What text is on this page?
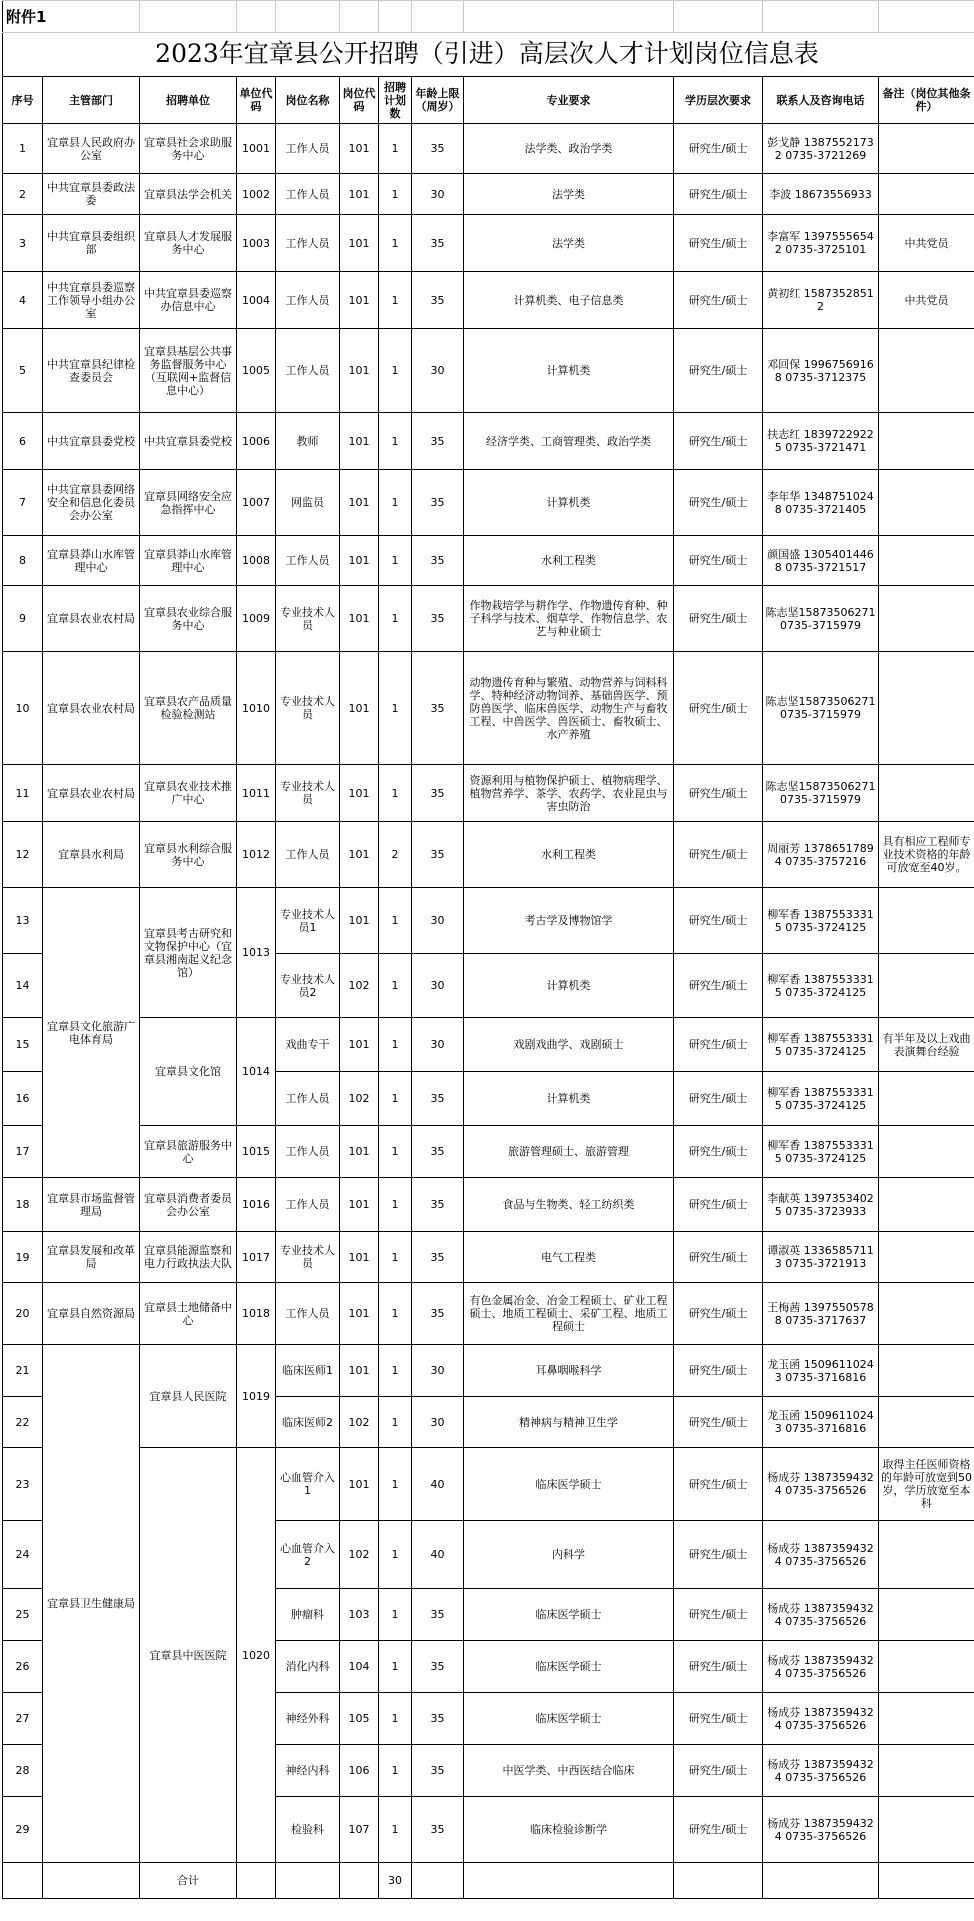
序号	主管部门	招聘单位	单位代码	岗位名称	岗位代码	招聘计划数	年龄上限（周岁）	专业要求	学历层次要求	联系人及咨询电话	备注（岗位其他条件）
1	宜章县人民政府办公室	宜章县社会求助服务中心	1001	工作人员	101	1	35	法学类、政治学类	研究生/硕士	彭戈静 13875521732 0735-3721269	
2	中共宜章县委政法委	宜章县法学会机关	1002	工作人员	101	1	30	法学类	研究生/硕士	李波 18673556933	
3	中共宜章县委组织部	宜章县人才发展服务中心	1003	工作人员	101	1	35	法学类	研究生/硕士	李富军 13975556542 0735-3725101	中共党员
4	中共宜章县委巡察工作领导小组办公室	中共宜章县委巡察办信息中心	1004	工作人员	101	1	35	计算机类、电子信息类	研究生/硕士	黄初红 15873528512	中共党员
5	中共宜章县纪律检查委员会	宜章县基层公共事务监督服务中心（互联网+监督信息中心）	1005	工作人员	101	1	30	计算机类	研究生/硕士	邓回保 19967569168 0735-3712375	
6	中共宜章县委党校	中共宜章县委党校	1006	教师	101	1	35	经济学类、工商管理类、政治学类	研究生/硕士	扶志红 18397229225 0735-3721471	
7	中共宜章县委网络安全和信息化委员会办公室	宜章县网络安全应急指挥中心	1007	网监员	101	1	35	计算机类	研究生/硕士	李年华 13487510248 0735-3721405	
8	宜章县莽山水库管理中心	宜章县莽山水库管理中心	1008	工作人员	101	1	35	水利工程类	研究生/硕士	颜国盛 13054014468 0735-3721517	
9	宜章县农业农村局	宜章县农业综合服务中心	1009	专业技术人员	101	1	35	作物栽培学与耕作学、作物遗传育种、种子科学与技术、烟草学、作物信息学、农艺与种业硕士	研究生/硕士	陈志坚15873506271 0735-3715979	
10	宜章县农业农村局	宜章县农产品质量检验检测站	1010	专业技术人员	101	1	35	动物遗传育种与繁殖、动物营养与饲料科学、特种经济动物饲养、基础兽医学、预防兽医学、临床兽医学、动物生产与畜牧工程、中兽医学、兽医硕士、畜牧硕士、水产养殖	研究生/硕士	陈志坚15873506271 0735-3715979	
11	宜章县农业农村局	宜章县农业技术推广中心	1011	专业技术人员	101	1	35	资源利用与植物保护硕士、植物病理学、植物营养学、茶学、农药学、农业昆虫与害虫防治	研究生/硕士	陈志坚15873506271 0735-3715979	
12	宜章县水利局	宜章县水利综合服务中心	1012	工作人员	101	2	35	水利工程类	研究生/硕士	周丽芳 13786517894 0735-3757216	具有相应工程师专业技术资格的年龄可放宽至40岁。
13	宜章县文化旅游广电体育局	宜章县考古研究和文物保护中心（宜章县湘南起义纪念馆）	1013	专业技术人员1	101	1	30	考古学及博物馆学	研究生/硕士	柳军香 13875533315 0735-3724125	
14				专业技术人员2	102	1	30	计算机类	研究生/硕士	柳军香 13875533315 0735-3724125	
15		宜章县文化馆	1014	戏曲专干	101	1	30	戏剧戏曲学、戏剧硕士	研究生/硕士	柳军香 13875533315 0735-3724125	有半年及以上戏曲表演舞台经验
16				工作人员	102	1	35	计算机类	研究生/硕士	柳军香 13875533315 0735-3724125	
17		宜章县旅游服务中心	1015	工作人员	101	1	35	旅游管理硕士、旅游管理	研究生/硕士	柳军香 13875533315 0735-3724125	
18	宜章县市场监督管理局	宜章县消费者委员会办公室	1016	工作人员	101	1	35	食品与生物类、轻工纺织类	研究生/硕士	李献英 13973534025 0735-3723933	
19	宜章县发展和改革局	宜章县能源监察和电力行政执法大队	1017	专业技术人员	101	1	35	电气工程类	研究生/硕士	谭淑英 13365857113 0735-3721913	
20	宜章县自然资源局	宜章县土地储备中心	1018	工作人员	101	1	35	有色金属冶金、冶金工程硕士、矿业工程硕士、地质工程硕士、采矿工程、地质工程硕士	研究生/硕士	王梅茜 13975505788 0735-3717637	
21	宜章县卫生健康局	宜章县人民医院	1019	临床医师1	101	1	30	耳鼻咽喉科学	研究生/硕士	龙玉函 15096110243 0735-3716816	
22				临床医师2	102	1	30	精神病与精神卫生学	研究生/硕士	龙玉函 15096110243 0735-3716816	
23		宜章县中医医院	1020	心血管介入1	101	1	40	临床医学硕士	研究生/硕士	杨成芬 13873594324 0735-3756526	取得主任医师资格的年龄可放宽到50岁，学历放宽至本科
24				心血管介入2	102	1	40	内科学	研究生/硕士	杨成芬 13873594324 0735-3756526	
25				肿瘤科	103	1	35	临床医学硕士	研究生/硕士	杨成芬 13873594324 0735-3756526	
26				消化内科	104	1	35	临床医学硕士	研究生/硕士	杨成芬 13873594324 0735-3756526	
27				神经外科	105	1	35	临床医学硕士	研究生/硕士	杨成芬 13873594324 0735-3756526	
28				神经内科	106	1	35	中医学类、中西医结合临床	研究生/硕士	杨成芬 13873594324 0735-3756526	
29				检验科	107	1	35	临床检验诊断学	研究生/硕士	杨成芬 13873594324 0735-3756526	
		合计				30					
附件1
2023年宜章县公开招聘（引进）高层次人才计划岗位信息表
